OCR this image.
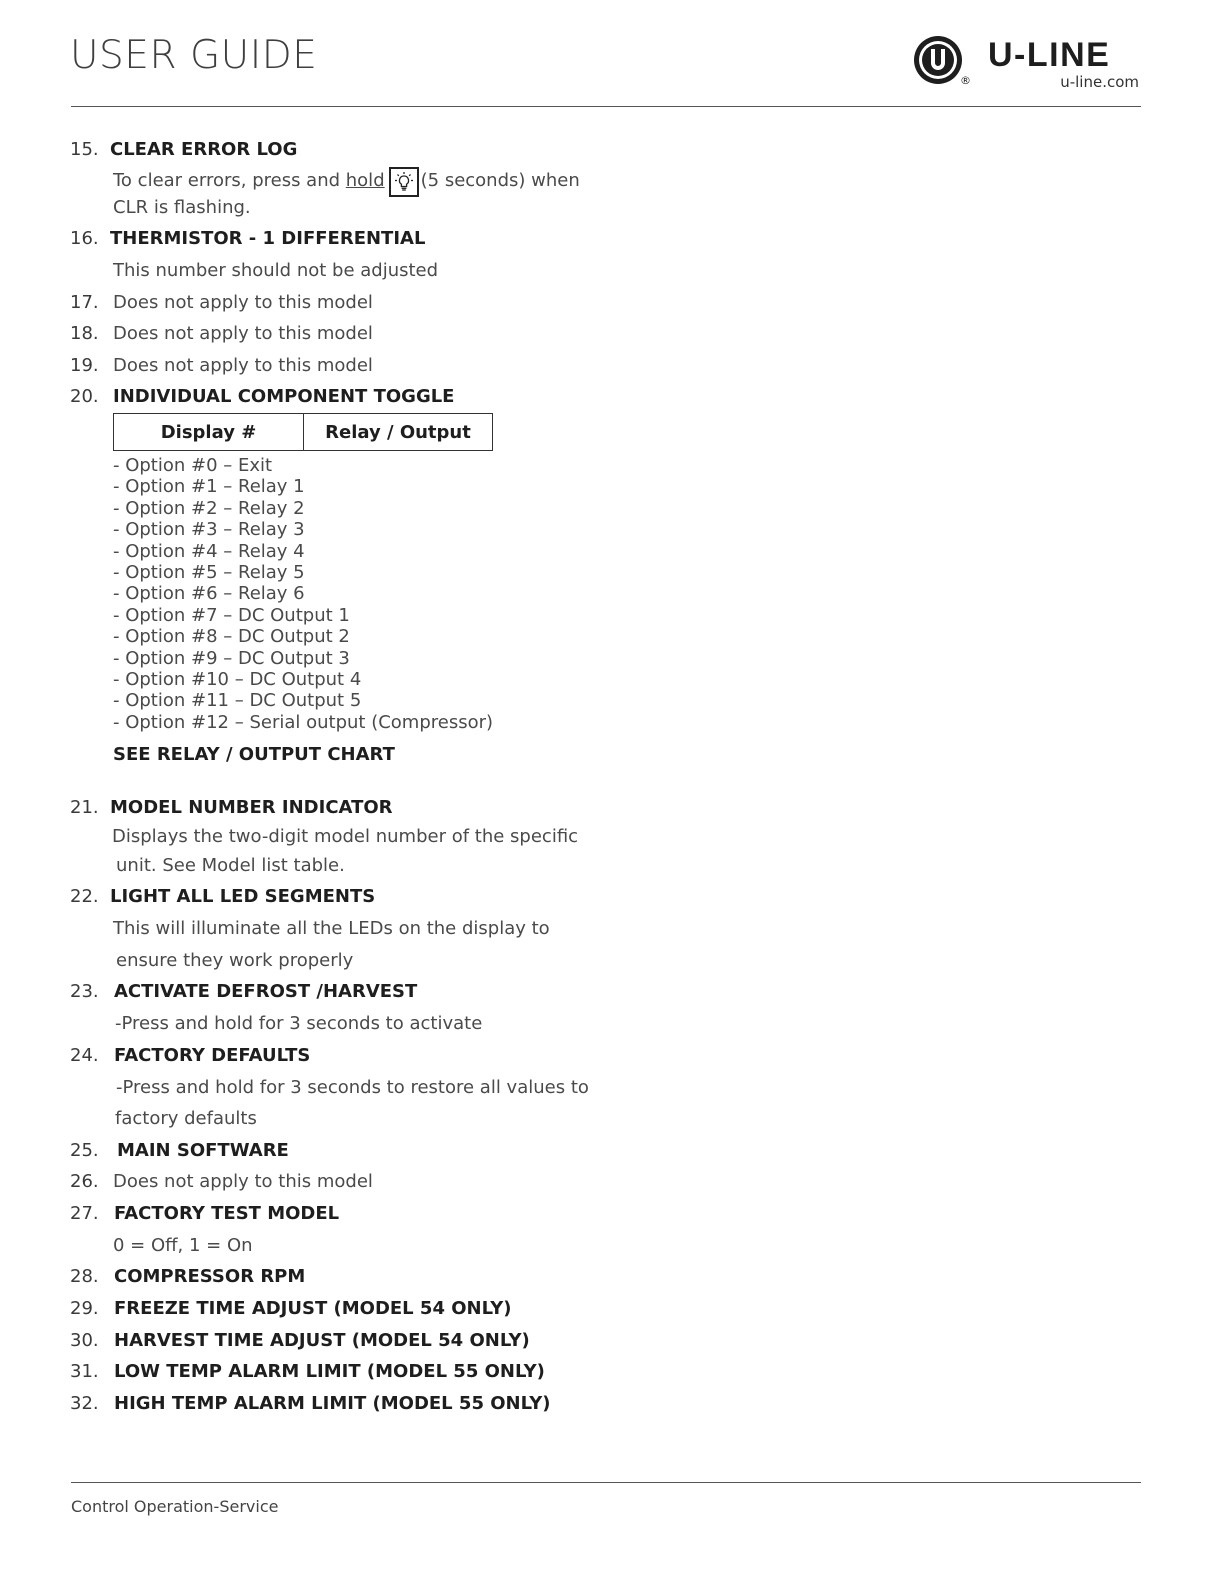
USER GUIDE
®
U-LINE
u-line.com
15. CLEAR ERROR LOG
To clear errors, press and hold (5 seconds) when
CLR is flashing.
16. THERMISTOR - 1 DIFFERENTIAL
This number should not be adjusted
17. Does not apply to this model
18. Does not apply to this model
19. Does not apply to this model
20. INDIVIDUAL COMPONENT TOGGLE
Display #	Relay / Output
- Option #0 – Exit
- Option #1 – Relay 1
- Option #2 – Relay 2
- Option #3 – Relay 3
- Option #4 – Relay 4
- Option #5 – Relay 5
- Option #6 – Relay 6
- Option #7 – DC Output 1
- Option #8 – DC Output 2
- Option #9 – DC Output 3
- Option #10 – DC Output 4
- Option #11 – DC Output 5
- Option #12 – Serial output (Compressor)
SEE RELAY / OUTPUT CHART
21. MODEL NUMBER INDICATOR
Displays the two-digit model number of the specific
unit. See Model list table.
22. LIGHT ALL LED SEGMENTS
This will illuminate all the LEDs on the display to
ensure they work properly
23. ACTIVATE DEFROST /HARVEST
-Press and hold for 3 seconds to activate
24. FACTORY DEFAULTS
-Press and hold for 3 seconds to restore all values to
factory defaults
25. MAIN SOFTWARE
26. Does not apply to this model
27. FACTORY TEST MODEL
0 = Off, 1 = On
28. COMPRESSOR RPM
29. FREEZE TIME ADJUST (MODEL 54 ONLY)
30. HARVEST TIME ADJUST (MODEL 54 ONLY)
31. LOW TEMP ALARM LIMIT (MODEL 55 ONLY)
32. HIGH TEMP ALARM LIMIT (MODEL 55 ONLY)
Control Operation-Service
